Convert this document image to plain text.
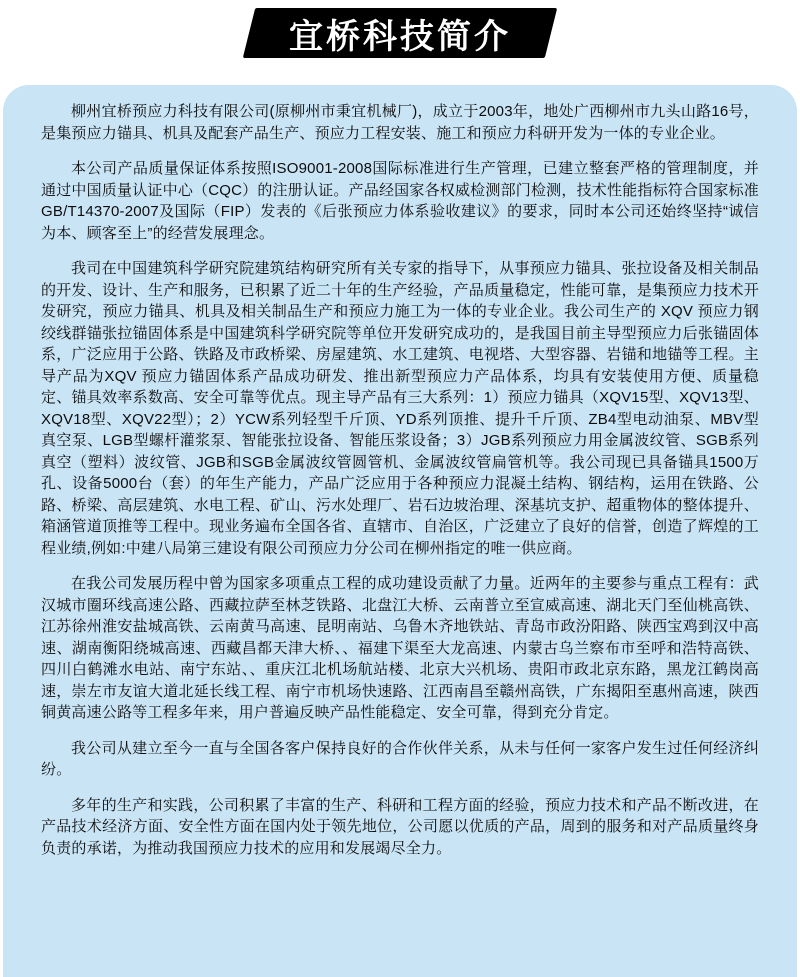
宜桥科技简介

柳州宜桥预应力科技有限公司(原柳州市秉宜机械厂)，成立于2003年，地处广西柳州市九头山路16号，是集预应力锚具、机具及配套产品生产、预应力工程安装、施工和预应力科研开发为一体的专业企业。

本公司产品质量保证体系按照ISO9001-2008国际标准进行生产管理，已建立整套严格的管理制度，并通过中国质量认证中心（CQC）的注册认证。产品经国家各权威检测部门检测，技术性能指标符合国家标准GB/T14370-2007及国际（FIP）发表的《后张预应力体系验收建议》的要求，同时本公司还始终坚持“诚信为本、顾客至上”的经营发展理念。

我司在中国建筑科学研究院建筑结构研究所有关专家的指导下，从事预应力锚具、张拉设备及相关制品的开发、设计、生产和服务，已积累了近二十年的生产经验，产品质量稳定，性能可靠，是集预应力技术开发研究，预应力锚具、机具及相关制品生产和预应力施工为一体的专业企业。我公司生产的 XQV 预应力钢绞线群锚张拉锚固体系是中国建筑科学研究院等单位开发研究成功的，是我国目前主导型预应力后张锚固体系，广泛应用于公路、铁路及市政桥梁、房屋建筑、水工建筑、电视塔、大型容器、岩锚和地锚等工程。主导产品为XQV 预应力锚固体系产品成功研发、推出新型预应力产品体系，均具有安装使用方便、质量稳定、锚具效率系数高、安全可靠等优点。现主导产品有三大系列：1）预应力锚具（XQV15型、XQV13型、XQV18型、XQV22型）；2）YCW系列轻型千斤顶、YD系列顶推、提升千斤顶、ZB4型电动油泵、MBV型真空泵、LGB型螺杆灌浆泵、智能张拉设备、智能压浆设备；3）JGB系列预应力用金属波纹管、SGB系列真空（塑料）波纹管、JGB和SGB金属波纹管圆管机、金属波纹管扁管机等。我公司现已具备锚具1500万孔、设备5000台（套）的年生产能力，产品广泛应用于各种预应力混凝土结构、钢结构，运用在铁路、公路、桥梁、高层建筑、水电工程、矿山、污水处理厂、岩石边坡治理、深基坑支护、超重物体的整体提升、箱涵管道顶推等工程中。现业务遍布全国各省、直辖市、自治区，广泛建立了良好的信誉，创造了辉煌的工程业绩,例如:中建八局第三建设有限公司预应力分公司在柳州指定的唯一供应商。

在我公司发展历程中曾为国家多项重点工程的成功建设贡献了力量。近两年的主要参与重点工程有：武汉城市圈环线高速公路、西藏拉萨至林芝铁路、北盘江大桥、云南普立至宣威高速、湖北天门至仙桃高铁、江苏徐州淮安盐城高铁、云南黄马高速、昆明南站、乌鲁木齐地铁站、青岛市政汾阳路、陕西宝鸡到汉中高速、湖南衡阳绕城高速、西藏昌都天津大桥、、福建下渠至大龙高速、内蒙古乌兰察布市至呼和浩特高铁、四川白鹤滩水电站、南宁东站、、重庆江北机场航站楼、北京大兴机场、贵阳市政北京东路，黑龙江鹤岗高速，崇左市友谊大道北延长线工程、南宁市机场快速路、江西南昌至赣州高铁，广东揭阳至惠州高速，陕西铜黄高速公路等工程多年来，用户普遍反映产品性能稳定、安全可靠，得到充分肯定。

我公司从建立至今一直与全国各客户保持良好的合作伙伴关系，从未与任何一家客户发生过任何经济纠纷。

多年的生产和实践，公司积累了丰富的生产、科研和工程方面的经验，预应力技术和产品不断改进，在产品技术经济方面、安全性方面在国内处于领先地位，公司愿以优质的产品，周到的服务和对产品质量终身负责的承诺，为推动我国预应力技术的应用和发展竭尽全力。
